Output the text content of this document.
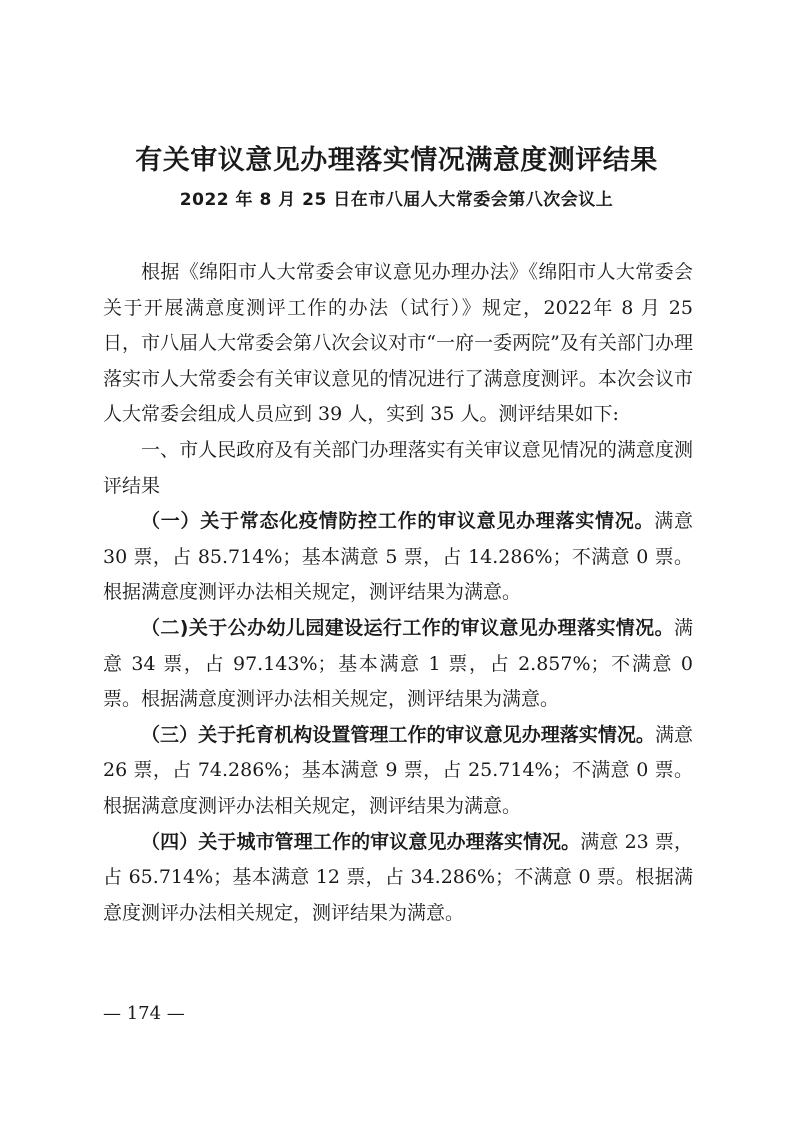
有关审议意见办理落实情况满意度测评结果
2022 年 8 月 25 日在市八届人大常委会第八次会议上

根据《绵阳市人大常委会审议意见办理办法》《绵阳市人大常委会关于开展满意度测评工作的办法（试行）》规定，2022年 8 月 25 日，市八届人大常委会第八次会议对市“一府一委两院”及有关部门办理落实市人大常委会有关审议意见的情况进行了满意度测评。本次会议市人大常委会组成人员应到 39 人，实到 35 人。测评结果如下:

一、市人民政府及有关部门办理落实有关审议意见情况的满意度测评结果

（一）关于常态化疫情防控工作的审议意见办理落实情况。满意 30 票，占 85.714%；基本满意 5 票，占 14.286%；不满意 0 票。根据满意度测评办法相关规定，测评结果为满意。

（二)关于公办幼儿园建设运行工作的审议意见办理落实情况。满意 34 票，占 97.143%；基本满意 1 票，占 2.857%；不满意 0 票。根据满意度测评办法相关规定，测评结果为满意。

（三）关于托育机构设置管理工作的审议意见办理落实情况。满意 26 票，占 74.286%；基本满意 9 票，占 25.714%；不满意 0 票。根据满意度测评办法相关规定，测评结果为满意。

（四）关于城市管理工作的审议意见办理落实情况。满意 23 票，占 65.714%；基本满意 12 票，占 34.286%；不满意 0 票。根据满意度测评办法相关规定，测评结果为满意。

— 174 —
